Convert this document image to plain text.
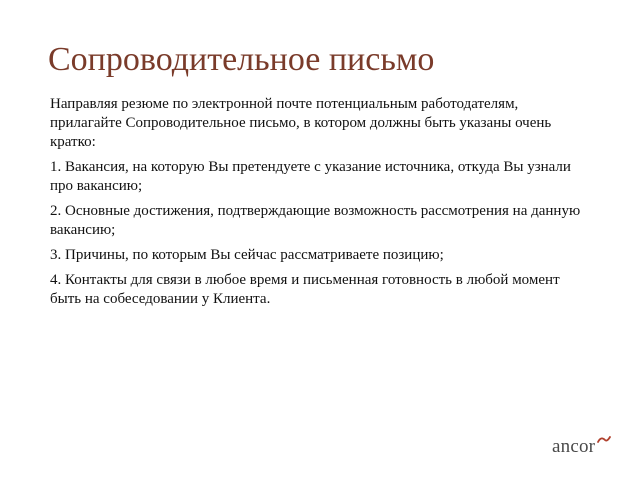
Сопроводительное письмо

Направляя резюме по электронной почте потенциальным работодателям, прилагайте Сопроводительное письмо, в котором должны быть указаны очень кратко:

1. Вакансия, на которую Вы претендуете с указание источника, откуда Вы узнали про вакансию;

2. Основные достижения, подтверждающие возможность рассмотрения на данную вакансию;

3. Причины, по которым Вы сейчас рассматриваете позицию;

4. Контакты для связи в любое время и письменная готовность в любой момент быть на собеседовании у Клиента.

ancor
